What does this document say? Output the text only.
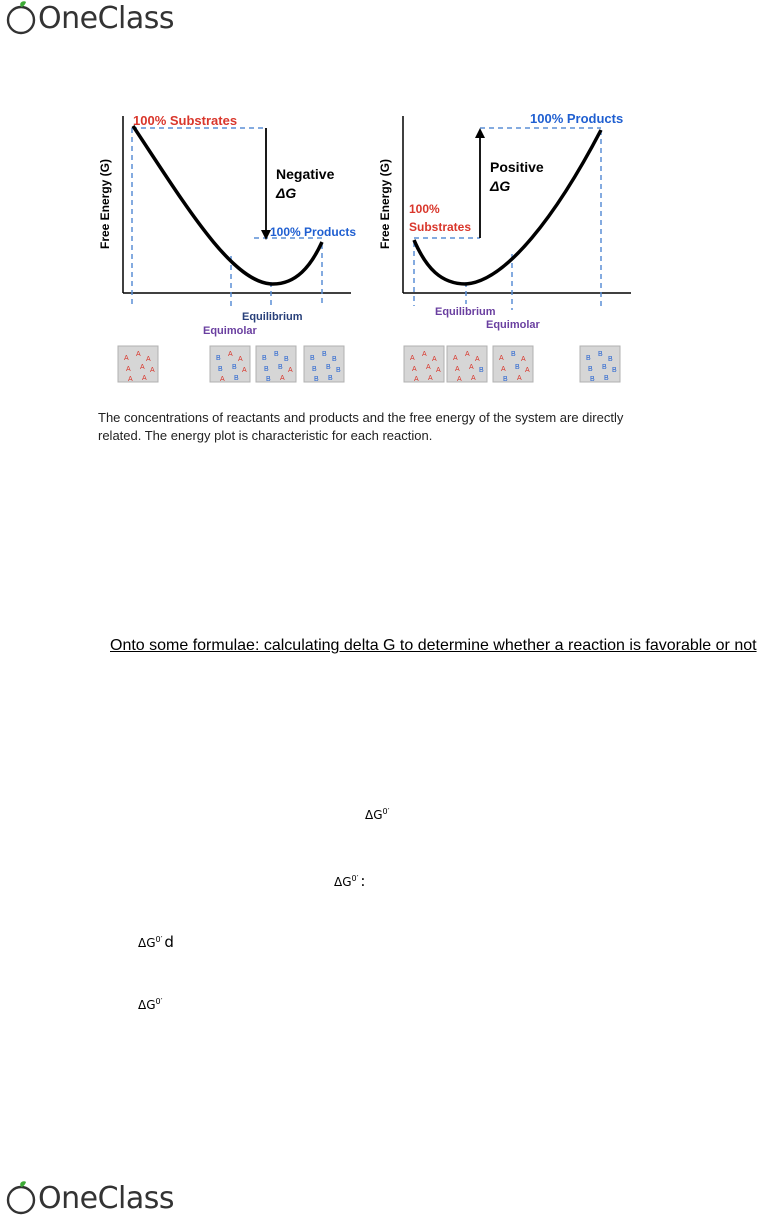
OneClass
Free Energy (G)
100% Substrates
Negative
ΔG
100% Products
Equilibrium
Equimolar
A
A
A
A A A
A A
B
A
A
B B A
A B
B
B
B
B B A
B A
B
B
B
B B B
B B
Free Energy (G)
100% Products
Positive
ΔG
100%
Substrates
Equilibrium
Equimolar
A
A
A
A A A
A A
A
A
A
A A B
A A
A
B
A
A B A
B A
B
B
B
B B B
B B
The concentrations of reactants and products and the free energy of the system are directly related. The energy plot is characteristic for each reaction.
Onto some formulae: calculating delta G to determine whether a reaction is favorable or not
$\Delta G^{0'}$
$\Delta G^{0'}$ :
$\Delta G^{0'}$ d
$\Delta G^{0'}$
OneClass
